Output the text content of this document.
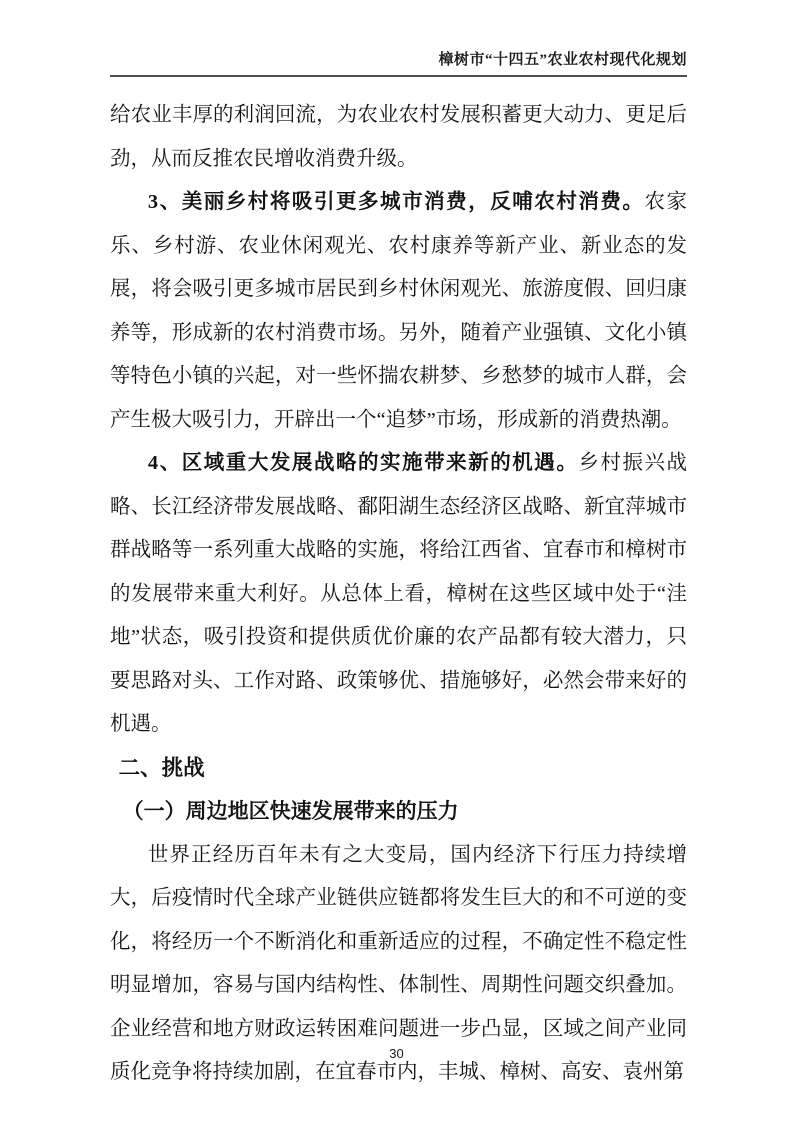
樟树市“十四五”农业农村现代化规划

给农业丰厚的利润回流，为农业农村发展积蓄更大动力、更足后劲，从而反推农民增收消费升级。

3、美丽乡村将吸引更多城市消费，反哺农村消费。农家乐、乡村游、农业休闲观光、农村康养等新产业、新业态的发展，将会吸引更多城市居民到乡村休闲观光、旅游度假、回归康养等，形成新的农村消费市场。另外，随着产业强镇、文化小镇等特色小镇的兴起，对一些怀揣农耕梦、乡愁梦的城市人群，会产生极大吸引力，开辟出一个“追梦”市场，形成新的消费热潮。

4、区域重大发展战略的实施带来新的机遇。乡村振兴战略、长江经济带发展战略、鄱阳湖生态经济区战略、新宜萍城市群战略等一系列重大战略的实施，将给江西省、宜春市和樟树市的发展带来重大利好。从总体上看，樟树在这些区域中处于“洼地”状态，吸引投资和提供质优价廉的农产品都有较大潜力，只要思路对头、工作对路、政策够优、措施够好，必然会带来好的机遇。

二、挑战
（一）周边地区快速发展带来的压力

世界正经历百年未有之大变局，国内经济下行压力持续增大，后疫情时代全球产业链供应链都将发生巨大的和不可逆的变化，将经历一个不断消化和重新适应的过程，不确定性不稳定性明显增加，容易与国内结构性、体制性、周期性问题交织叠加。企业经营和地方财政运转困难问题进一步凸显，区域之间产业同质化竞争将持续加剧，在宜春市内，丰城、樟树、高安、袁州第

30
